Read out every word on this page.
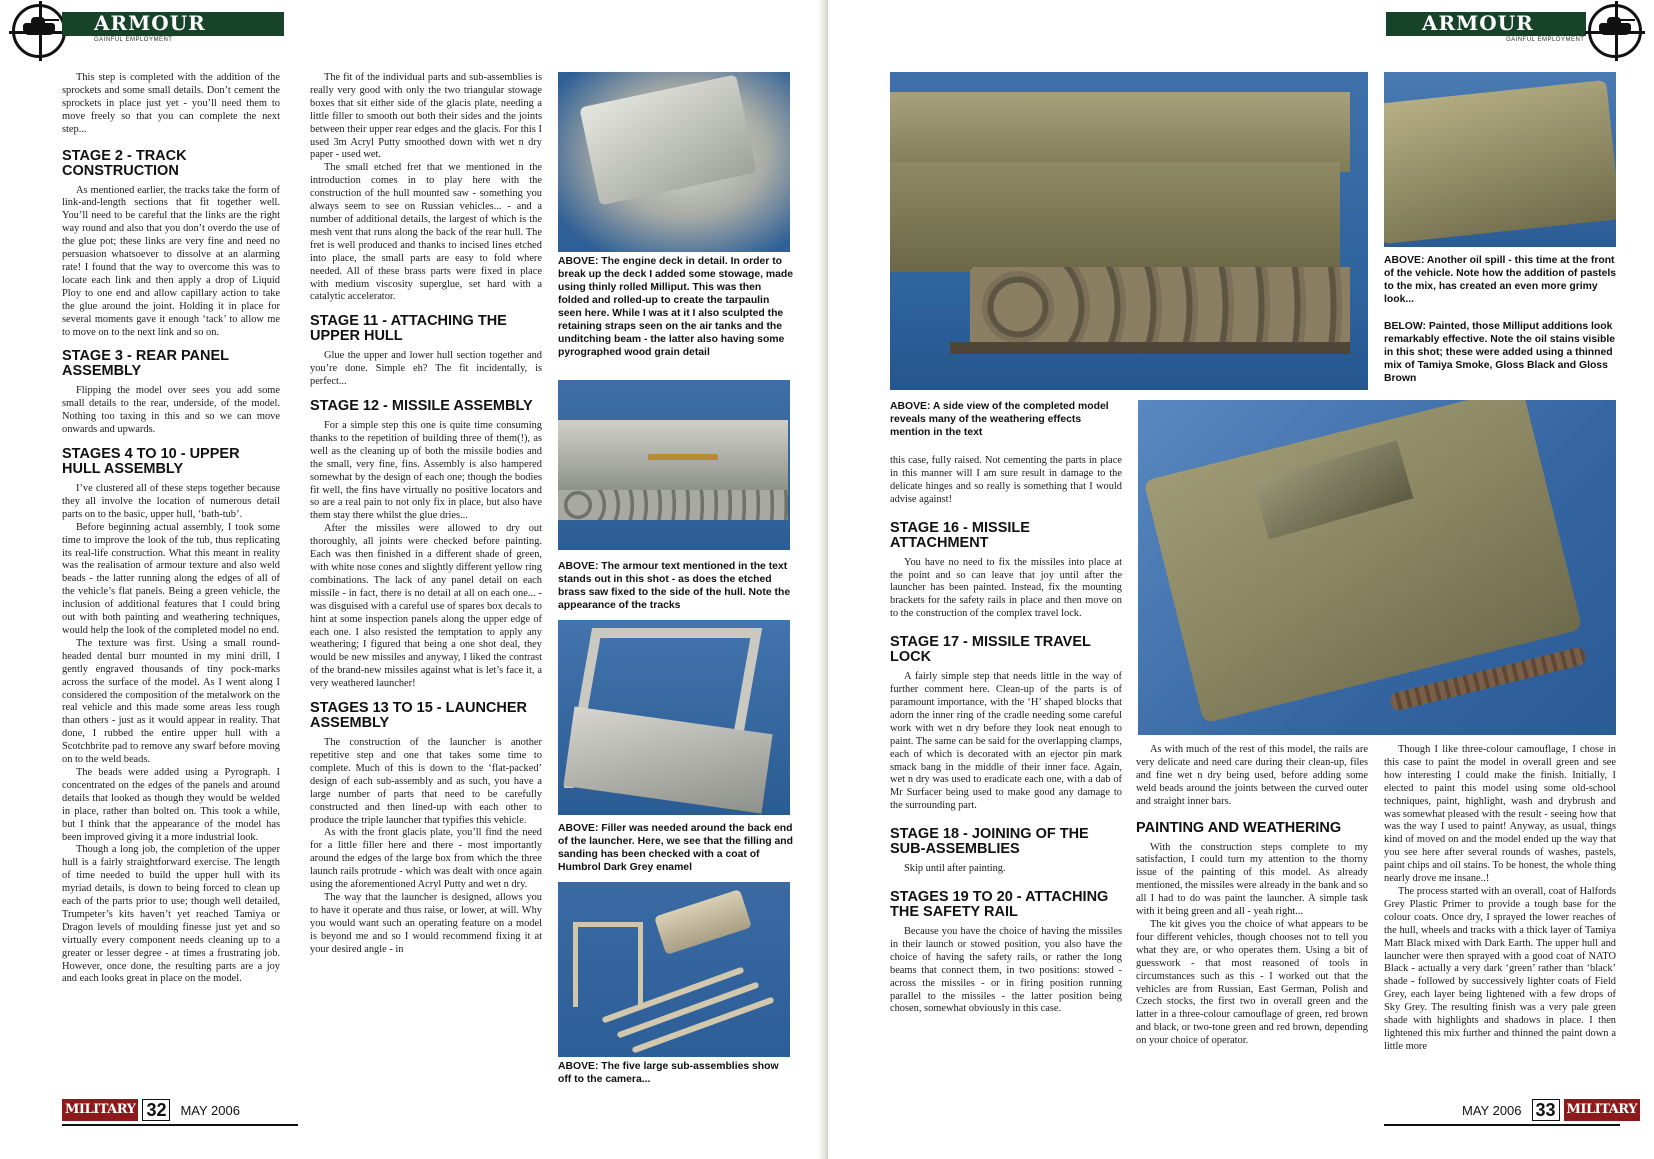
ARMOUR
GAINFUL EMPLOYMENT

This step is completed with the addition of the sprockets and some small details. Don’t cement the sprockets in place just yet - you’ll need them to move freely so that you can complete the next step...

STAGE 2 - TRACK CONSTRUCTION

As mentioned earlier, the tracks take the form of link-and-length sections that fit together well. You’ll need to be careful that the links are the right way round and also that you don’t overdo the use of the glue pot; these links are very fine and need no persuasion whatsoever to dissolve at an alarming rate! I found that the way to overcome this was to locate each link and then apply a drop of Liquid Ploy to one end and allow capillary action to take the glue around the joint. Holding it in place for several moments gave it enough ‘tack’ to allow me to move on to the next link and so on.

STAGE 3 - REAR PANEL ASSEMBLY

Flipping the model over sees you add some small details to the rear, underside, of the model. Nothing too taxing in this and so we can move onwards and upwards.

STAGES 4 TO 10 - UPPER HULL ASSEMBLY

I’ve clustered all of these steps together because they all involve the location of numerous detail parts on to the basic, upper hull, ‘bath-tub’.

Before beginning actual assembly, I took some time to improve the look of the tub, thus replicating its real-life construction. What this meant in reality was the realisation of armour texture and also weld beads - the latter running along the edges of all of the vehicle’s flat panels. Being a green vehicle, the inclusion of additional features that I could bring out with both painting and weathering techniques, would help the look of the completed model no end.

The texture was first. Using a small round-headed dental burr mounted in my mini drill, I gently engraved thousands of tiny pock-marks across the surface of the model. As I went along I considered the composition of the metalwork on the real vehicle and this made some areas less rough than others - just as it would appear in reality. That done, I rubbed the entire upper hull with a Scotchbrite pad to remove any swarf before moving on to the weld beads.

The beads were added using a Pyrograph. I concentrated on the edges of the panels and around details that looked as though they would be welded in place, rather than bolted on. This took a while, but I think that the appearance of the model has been improved giving it a more industrial look.

Though a long job, the completion of the upper hull is a fairly straightforward exercise. The length of time needed to build the upper hull with its myriad details, is down to being forced to clean up each of the parts prior to use; though well detailed, Trumpeter’s kits haven’t yet reached Tamiya or Dragon levels of moulding finesse just yet and so virtually every component needs cleaning up to a greater or lesser degree - at times a frustrating job. However, once done, the resulting parts are a joy and each looks great in place on the model.

The fit of the individual parts and sub-assemblies is really very good with only the two triangular stowage boxes that sit either side of the glacis plate, needing a little filler to smooth out both their sides and the joints between their upper rear edges and the glacis. For this I used 3m Acryl Putty smoothed down with wet n dry paper - used wet.

The small etched fret that we mentioned in the introduction comes in to play here with the construction of the hull mounted saw - something you always seem to see on Russian vehicles... - and a number of additional details, the largest of which is the mesh vent that runs along the back of the rear hull. The fret is well produced and thanks to incised lines etched into place, the small parts are easy to fold where needed. All of these brass parts were fixed in place with medium viscosity superglue, set hard with a catalytic accelerator.

STAGE 11 - ATTACHING THE UPPER HULL

Glue the upper and lower hull section together and you’re done. Simple eh? The fit incidentally, is perfect...

STAGE 12 - MISSILE ASSEMBLY

For a simple step this one is quite time consuming thanks to the repetition of building three of them(!), as well as the cleaning up of both the missile bodies and the small, very fine, fins. Assembly is also hampered somewhat by the design of each one; though the bodies fit well, the fins have virtually no positive locators and so are a real pain to not only fix in place, but also have them stay there whilst the glue dries...

After the missiles were allowed to dry out thoroughly, all joints were checked before painting. Each was then finished in a different shade of green, with white nose cones and slightly different yellow ring combinations. The lack of any panel detail on each missile - in fact, there is no detail at all on each one... - was disguised with a careful use of spares box decals to hint at some inspection panels along the upper edge of each one. I also resisted the temptation to apply any weathering; I figured that being a one shot deal, they would be new missiles and anyway, I liked the contrast of the brand-new missiles against what is let’s face it, a very weathered launcher!

STAGES 13 TO 15 - LAUNCHER ASSEMBLY

The construction of the launcher is another repetitive step and one that takes some time to complete. Much of this is down to the ‘flat-packed’ design of each sub-assembly and as such, you have a large number of parts that need to be carefully constructed and then lined-up with each other to produce the triple launcher that typifies this vehicle.

As with the front glacis plate, you’ll find the need for a little filler here and there - most importantly around the edges of the large box from which the three launch rails protrude - which was dealt with once again using the aforementioned Acryl Putty and wet n dry.

The way that the launcher is designed, allows you to have it operate and thus raise, or lower, at will. Why you would want such an operating feature on a model is beyond me and so I would recommend fixing it at your desired angle - in

ABOVE: The engine deck in detail. In order to break up the deck I added some stowage, made using thinly rolled Milliput. This was then folded and rolled-up to create the tarpaulin seen here. While I was at it I also sculpted the retaining straps seen on the air tanks and the unditching beam - the latter also having some pyrographed wood grain detail
ABOVE: The armour text mentioned in the text stands out in this shot - as does the etched brass saw fixed to the side of the hull. Note the appearance of the tracks
ABOVE: Filler was needed around the back end of the launcher. Here, we see that the filling and sanding has been checked with a coat of Humbrol Dark Grey enamel
ABOVE: The five large sub-assemblies show off to the camera...
MILITARY 32	MAY 2006
ARMOUR
GAINFUL EMPLOYMENT
ABOVE: A side view of the completed model reveals many of the weathering effects mention in the text
ABOVE: Another oil spill - this time at the front of the vehicle. Note how the addition of pastels to the mix, has created an even more grimy look...
BELOW: Painted, those Milliput additions look remarkably effective. Note the oil stains visible in this shot; these were added using a thinned mix of Tamiya Smoke, Gloss Black and Gloss Brown

this case, fully raised. Not cementing the parts in place in this manner will I am sure result in damage to the delicate hinges and so really is something that I would advise against!

STAGE 16 - MISSILE ATTACHMENT

You have no need to fix the missiles into place at the point and so can leave that joy until after the launcher has been painted. Instead, fix the mounting brackets for the safety rails in place and then move on to the construction of the complex travel lock.

STAGE 17 - MISSILE TRAVEL LOCK

A fairly simple step that needs little in the way of further comment here. Clean-up of the parts is of paramount importance, with the ‘H’ shaped blocks that adorn the inner ring of the cradle needing some careful work with wet n dry before they look neat enough to paint. The same can be said for the overlapping clamps, each of which is decorated with an ejector pin mark smack bang in the middle of their inner face. Again, wet n dry was used to eradicate each one, with a dab of Mr Surfacer being used to make good any damage to the surrounding part.

STAGE 18 - JOINING OF THE SUB-ASSEMBLIES

Skip until after painting.

STAGES 19 TO 20 - ATTACHING THE SAFETY RAIL

Because you have the choice of having the missiles in their launch or stowed position, you also have the choice of having the safety rails, or rather the long beams that connect them, in two positions: stowed - across the missiles - or in firing position running parallel to the missiles - the latter position being chosen, somewhat obviously in this case.

As with much of the rest of this model, the rails are very delicate and need care during their clean-up, files and fine wet n dry being used, before adding some weld beads around the joints between the curved outer and straight inner bars.

PAINTING AND WEATHERING

With the construction steps complete to my satisfaction, I could turn my attention to the thorny issue of the painting of this model. As already mentioned, the missiles were already in the bank and so all I had to do was paint the launcher. A simple task with it being green and all - yeah right...

The kit gives you the choice of what appears to be four different vehicles, though chooses not to tell you what they are, or who operates them. Using a bit of guesswork - that most reasoned of tools in circumstances such as this - I worked out that the vehicles are from Russian, East German, Polish and Czech stocks, the first two in overall green and the latter in a three-colour camouflage of green, red brown and black, or two-tone green and red brown, depending on your choice of operator.

Though I like three-colour camouflage, I chose in this case to paint the model in overall green and see how interesting I could make the finish. Initially, I elected to paint this model using some old-school techniques, paint, highlight, wash and drybrush and was somewhat pleased with the result - seeing how that was the way I used to paint! Anyway, as usual, things kind of moved on and the model ended up the way that you see here after several rounds of washes, pastels, paint chips and oil stains. To be honest, the whole thing nearly drove me insane..!

The process started with an overall, coat of Halfords Grey Plastic Primer to provide a tough base for the colour coats. Once dry, I sprayed the lower reaches of the hull, wheels and tracks with a thick layer of Tamiya Matt Black mixed with Dark Earth. The upper hull and launcher were then sprayed with a good coat of NATO Black - actually a very dark ‘green’ rather than ‘black’ shade - followed by successively lighter coats of Field Grey, each layer being lightened with a few drops of Sky Grey. The resulting finish was a very pale green shade with highlights and shadows in place. I then lightened this mix further and thinned the paint down a little more

MAY 2006 33 MILITARY
